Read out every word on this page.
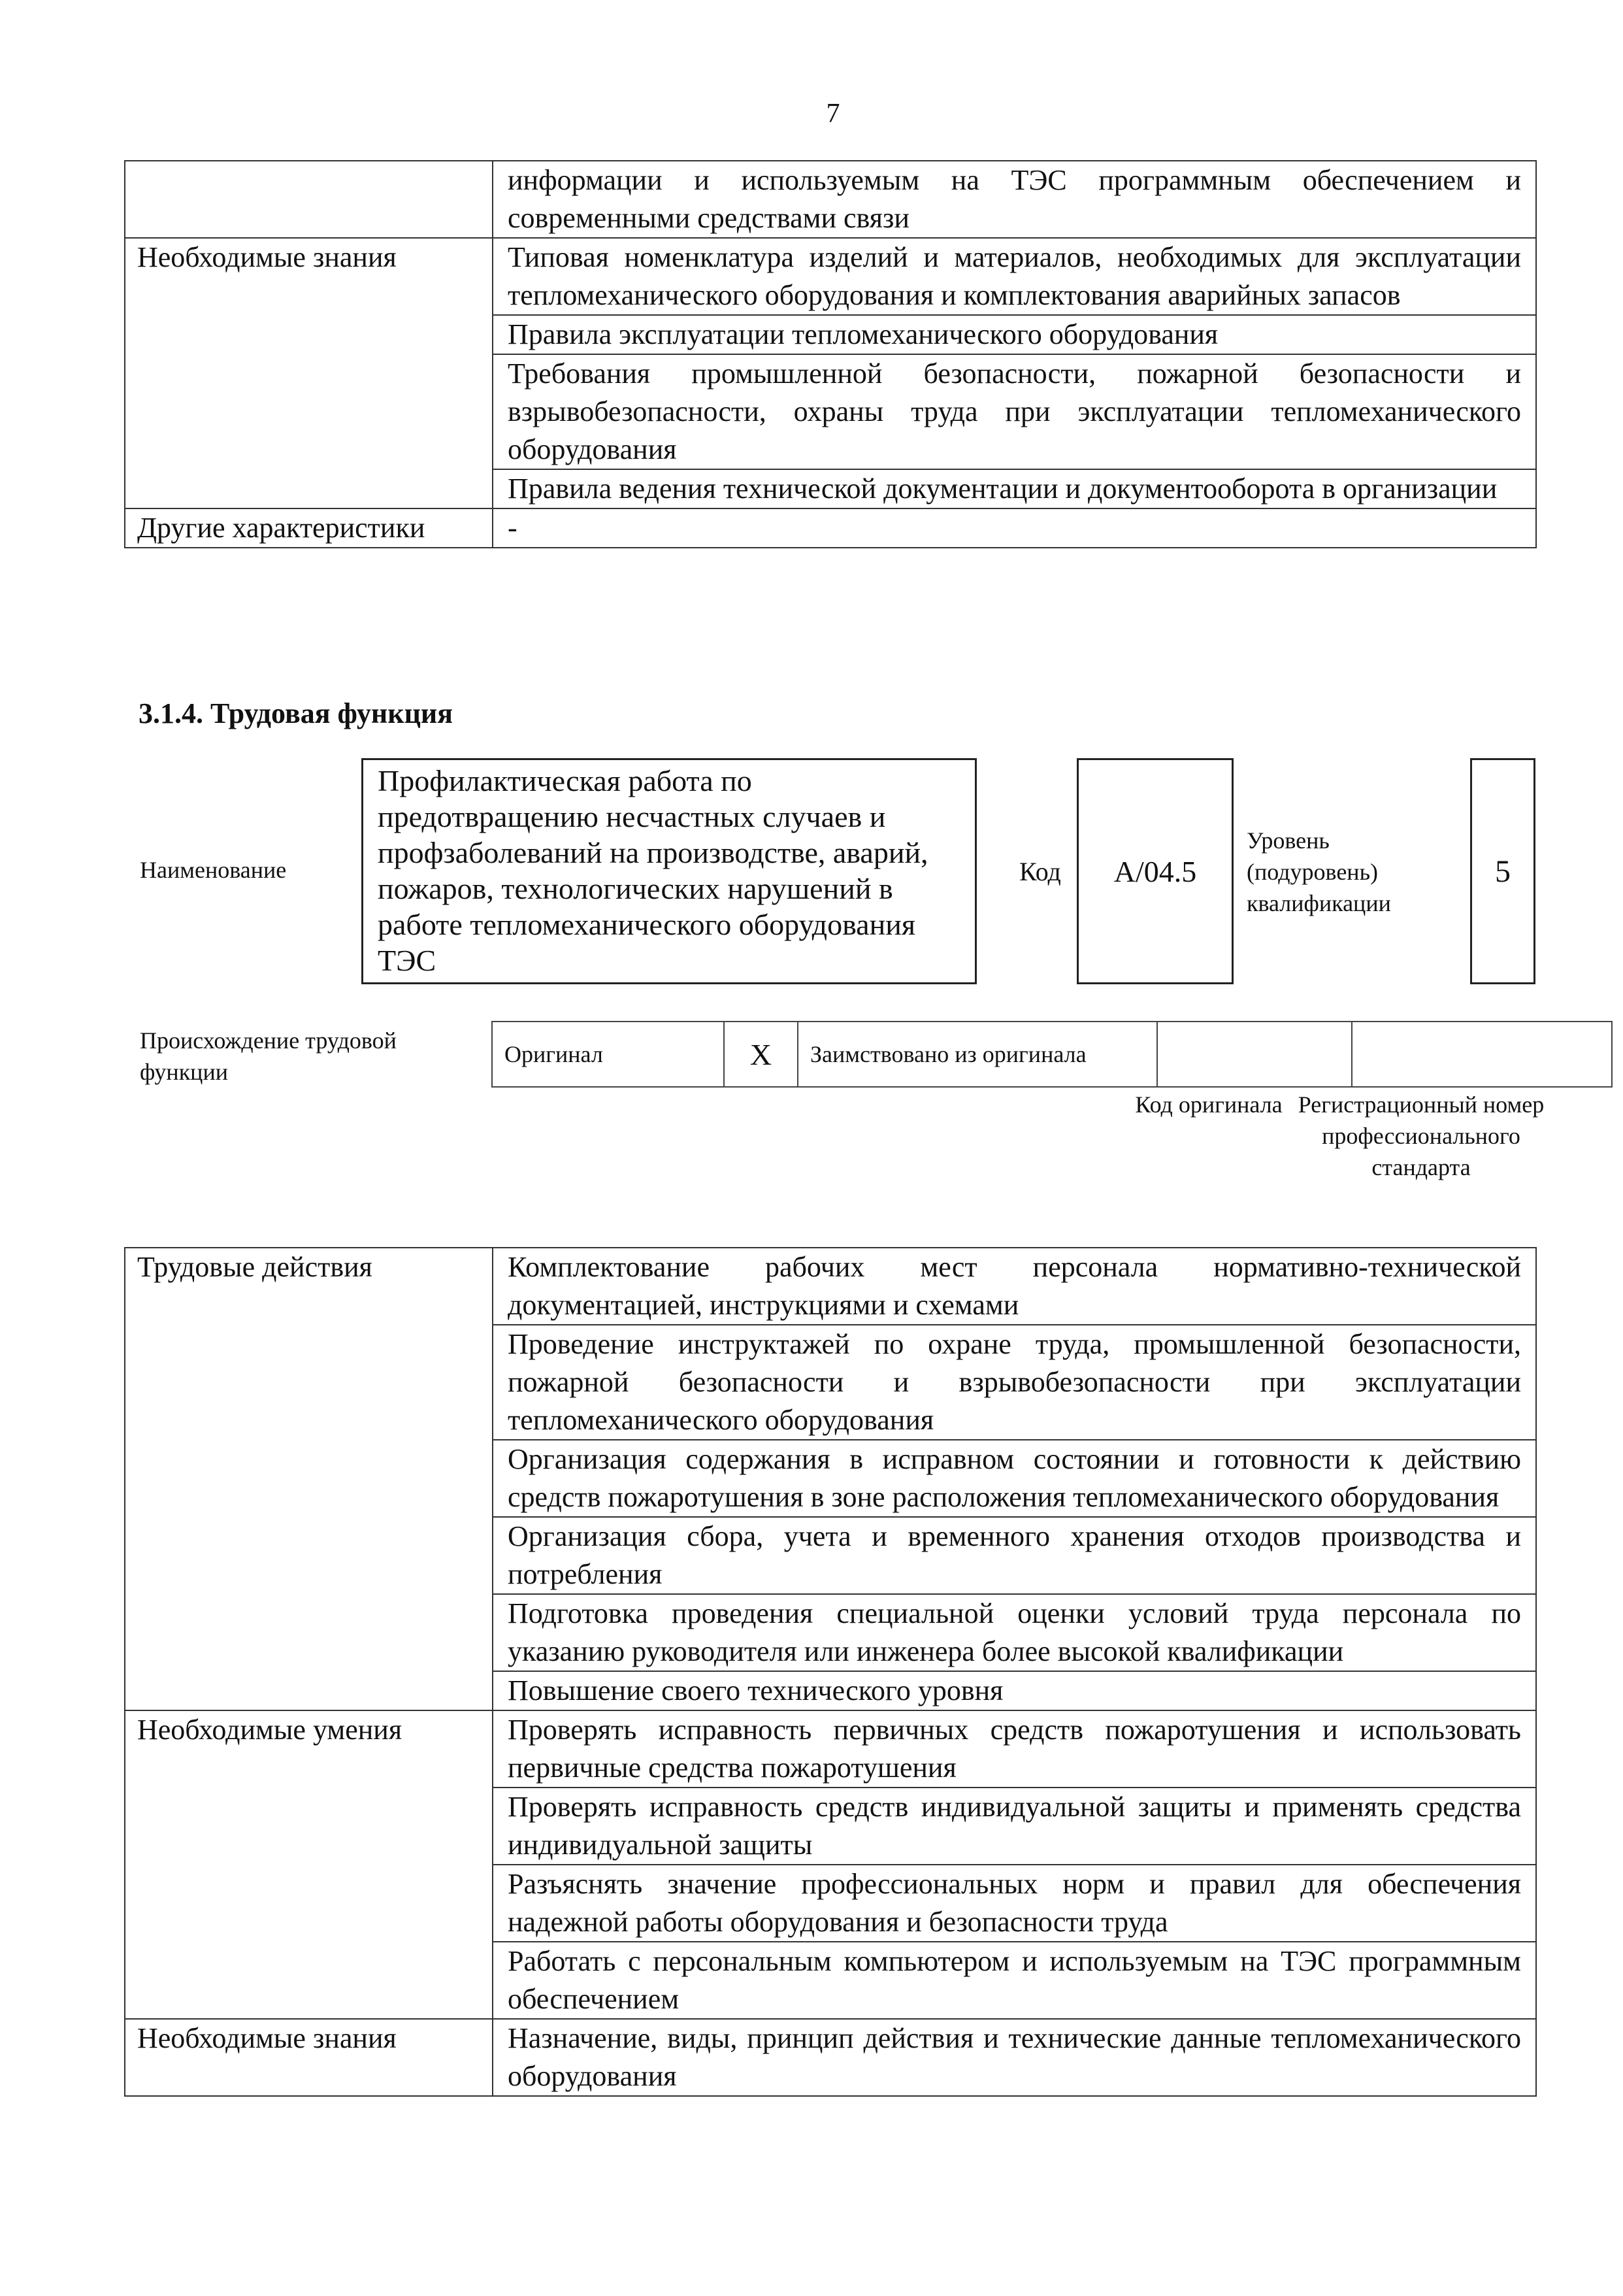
7
	информации и используемым на ТЭС программным обеспечением и современными средствами связи
Необходимые знания	Типовая номенклатура изделий и материалов, необходимых для эксплуатации тепломеханического оборудования и комплектования аварийных запасов
	Правила эксплуатации тепломеханического оборудования
	Требования промышленной безопасности, пожарной безопасности и взрывобезопасности, охраны труда при эксплуатации тепломеханического оборудования
	Правила ведения технической документации и документооборота в организации
Другие характеристики	-
3.1.4. Трудовая функция
Наименование
Профилактическая работа по предотвращению несчастных случаев и профзаболеваний на производстве, аварий, пожаров, технологических нарушений в работе тепломеханического оборудования ТЭС
Код A/04.5
Уровень (подуровень) квалификации
5
Происхождение трудовой функции
Оригинал	X	Заимствовано из оригинала		
Код оригинала Регистрационный номер профессионального стандарта
Трудовые действия	Комплектование рабочих мест персонала нормативно-технической документацией, инструкциями и схемами
	Проведение инструктажей по охране труда, промышленной безопасности, пожарной безопасности и взрывобезопасности при эксплуатации тепломеханического оборудования
	Организация содержания в исправном состоянии и готовности к действию средств пожаротушения в зоне расположения тепломеханического оборудования
	Организация сбора, учета и временного хранения отходов производства и потребления
	Подготовка проведения специальной оценки условий труда персонала по указанию руководителя или инженера более высокой квалификации
	Повышение своего технического уровня
Необходимые умения	Проверять исправность первичных средств пожаротушения и использовать первичные средства пожаротушения
	Проверять исправность средств индивидуальной защиты и применять средства индивидуальной защиты
	Разъяснять значение профессиональных норм и правил для обеспечения надежной работы оборудования и безопасности труда
	Работать с персональным компьютером и используемым на ТЭС программным обеспечением
Необходимые знания	Назначение, виды, принцип действия и технические данные тепломеханического оборудования
